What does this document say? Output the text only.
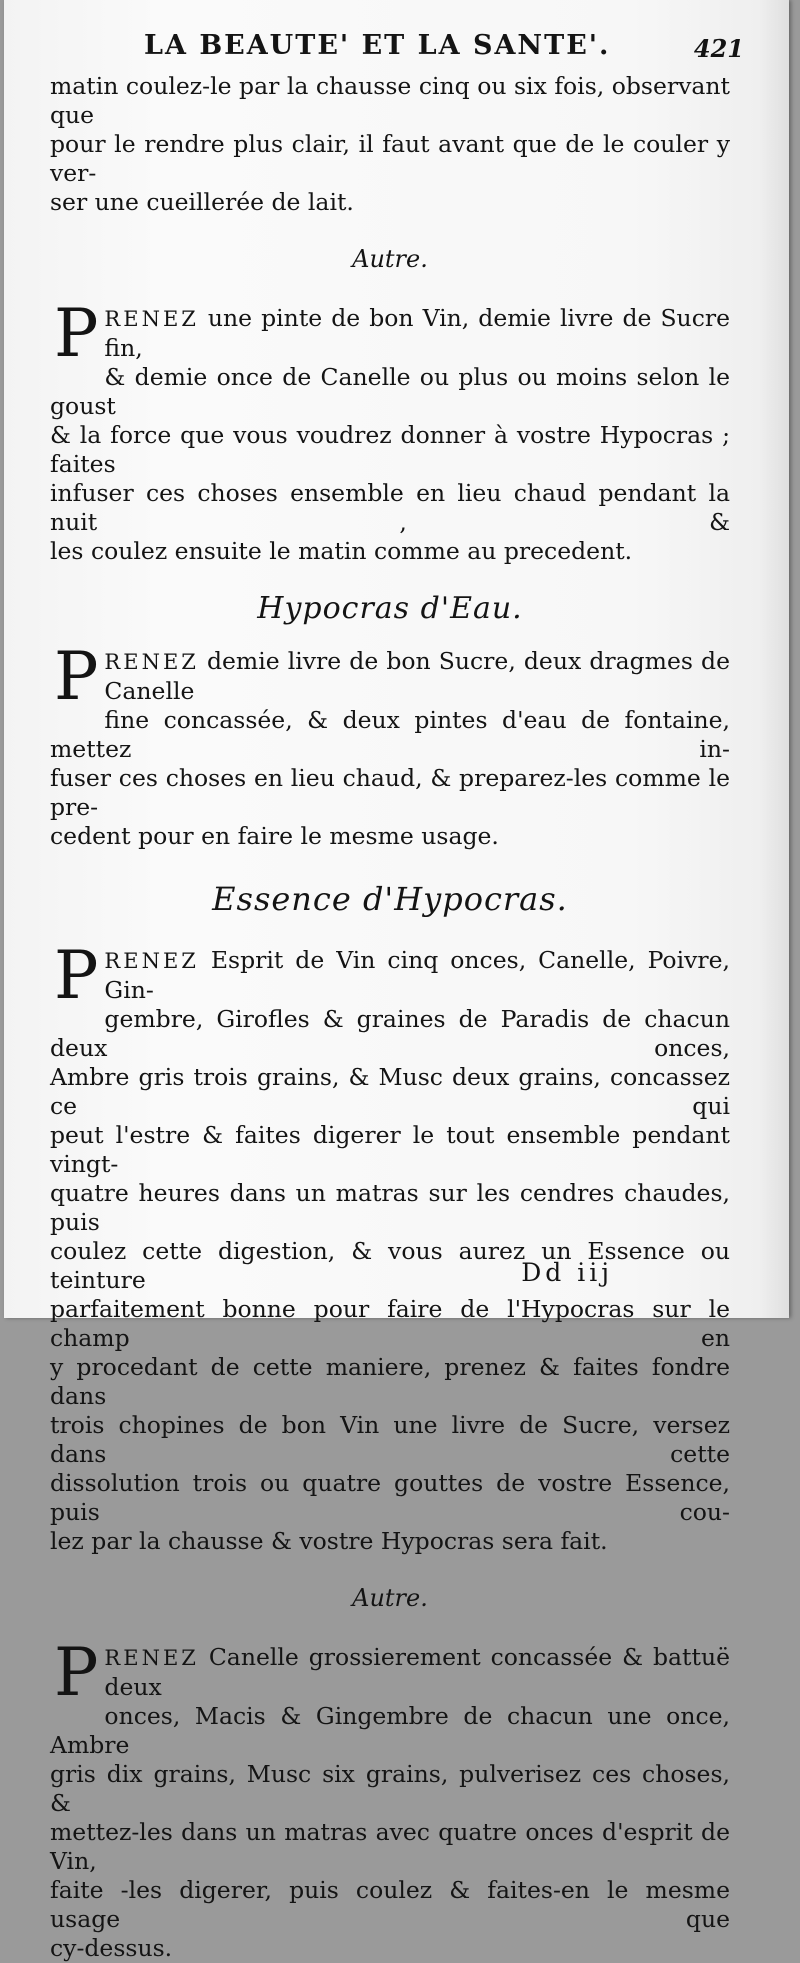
LA BEAUTE' ET LA SANTE'.	421
matin coulez-le par la chausse cinq ou six fois, observant que
pour le rendre plus clair, il faut avant que de le couler y ver-
ser une cueillerée de lait.
Autre.
P RENEZ une pinte de bon Vin, demie livre de Sucre fin,
& demie once de Canelle ou plus ou moins selon le goust
& la force que vous voudrez donner à vostre Hypocras ; faites
infuser ces choses ensemble en lieu chaud pendant la nuit , &
les coulez ensuite le matin comme au precedent.
Hypocras d'Eau.
P RENEZ demie livre de bon Sucre, deux dragmes de Canelle
fine concassée, & deux pintes d'eau de fontaine, mettez in-
fuser ces choses en lieu chaud, & preparez-les comme le pre-
cedent pour en faire le mesme usage.
Essence d'Hypocras.
P RENEZ Esprit de Vin cinq onces, Canelle, Poivre, Gin-
gembre, Girofles & graines de Paradis de chacun deux onces,
Ambre gris trois grains, & Musc deux grains, concassez ce qui
peut l'estre & faites digerer le tout ensemble pendant vingt-
quatre heures dans un matras sur les cendres chaudes, puis
coulez cette digestion, & vous aurez un Essence ou teinture
parfaitement bonne pour faire de l'Hypocras sur le champ en
y procedant de cette maniere, prenez & faites fondre dans
trois chopines de bon Vin une livre de Sucre, versez dans cette
dissolution trois ou quatre gouttes de vostre Essence, puis cou-
lez par la chausse & vostre Hypocras sera fait.
Autre.
P RENEZ Canelle grossierement concassée & battuë deux
onces, Macis & Gingembre de chacun une once, Ambre
gris dix grains, Musc six grains, pulverisez ces choses, &
mettez-les dans un matras avec quatre onces d'esprit de Vin,
faite -les digerer, puis coulez & faites-en le mesme usage que
cy-dessus.
Dd iij
